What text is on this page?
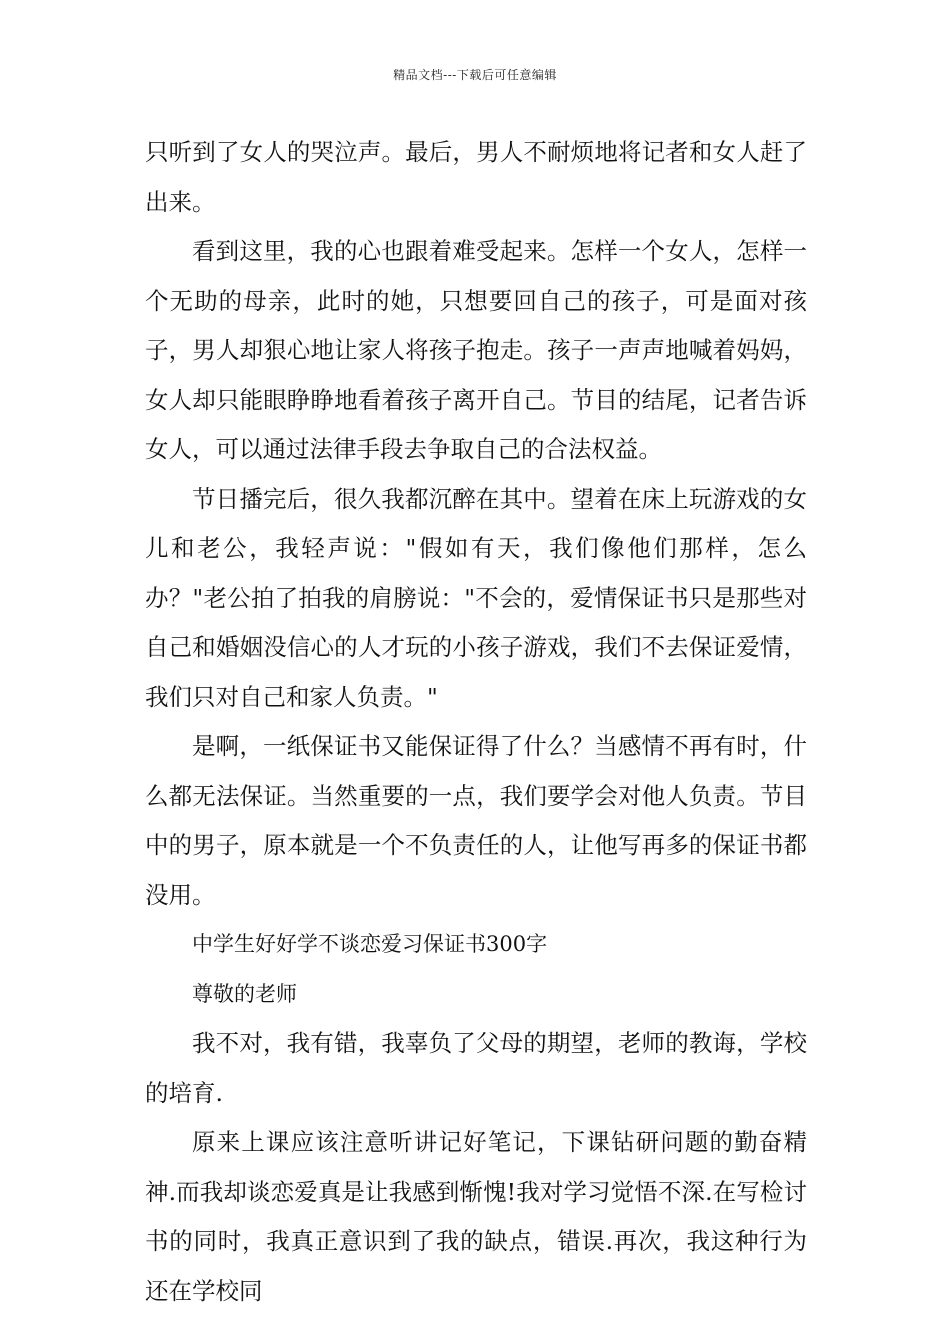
精品文档---下载后可任意编辑

只听到了女人的哭泣声。最后，男人不耐烦地将记者和女人赶了出来。

看到这里，我的心也跟着难受起来。怎样一个女人，怎样一个无助的母亲，此时的她，只想要回自己的孩子，可是面对孩子，男人却狠心地让家人将孩子抱走。孩子一声声地喊着妈妈，女人却只能眼睁睁地看着孩子离开自己。节目的结尾，记者告诉女人，可以通过法律手段去争取自己的合法权益。

节日播完后，很久我都沉醉在其中。望着在床上玩游戏的女儿和老公，我轻声说："假如有天，我们像他们那样，怎么办？"老公拍了拍我的肩膀说："不会的，爱情保证书只是那些对自己和婚姻没信心的人才玩的小孩子游戏，我们不去保证爱情，我们只对自己和家人负责。"

是啊，一纸保证书又能保证得了什么？当感情不再有时，什么都无法保证。当然重要的一点，我们要学会对他人负责。节目中的男子，原本就是一个不负责任的人，让他写再多的保证书都没用。

中学生好好学不谈恋爱习保证书300字

尊敬的老师

我不对，我有错，我辜负了父母的期望，老师的教诲，学校的培育.

原来上课应该注意听讲记好笔记，下课钻研问题的勤奋精神.而我却谈恋爱真是让我感到惭愧!我对学习觉悟不深.在写检讨书的同时，我真正意识到了我的缺点，错误.再次，我这种行为还在学校同
